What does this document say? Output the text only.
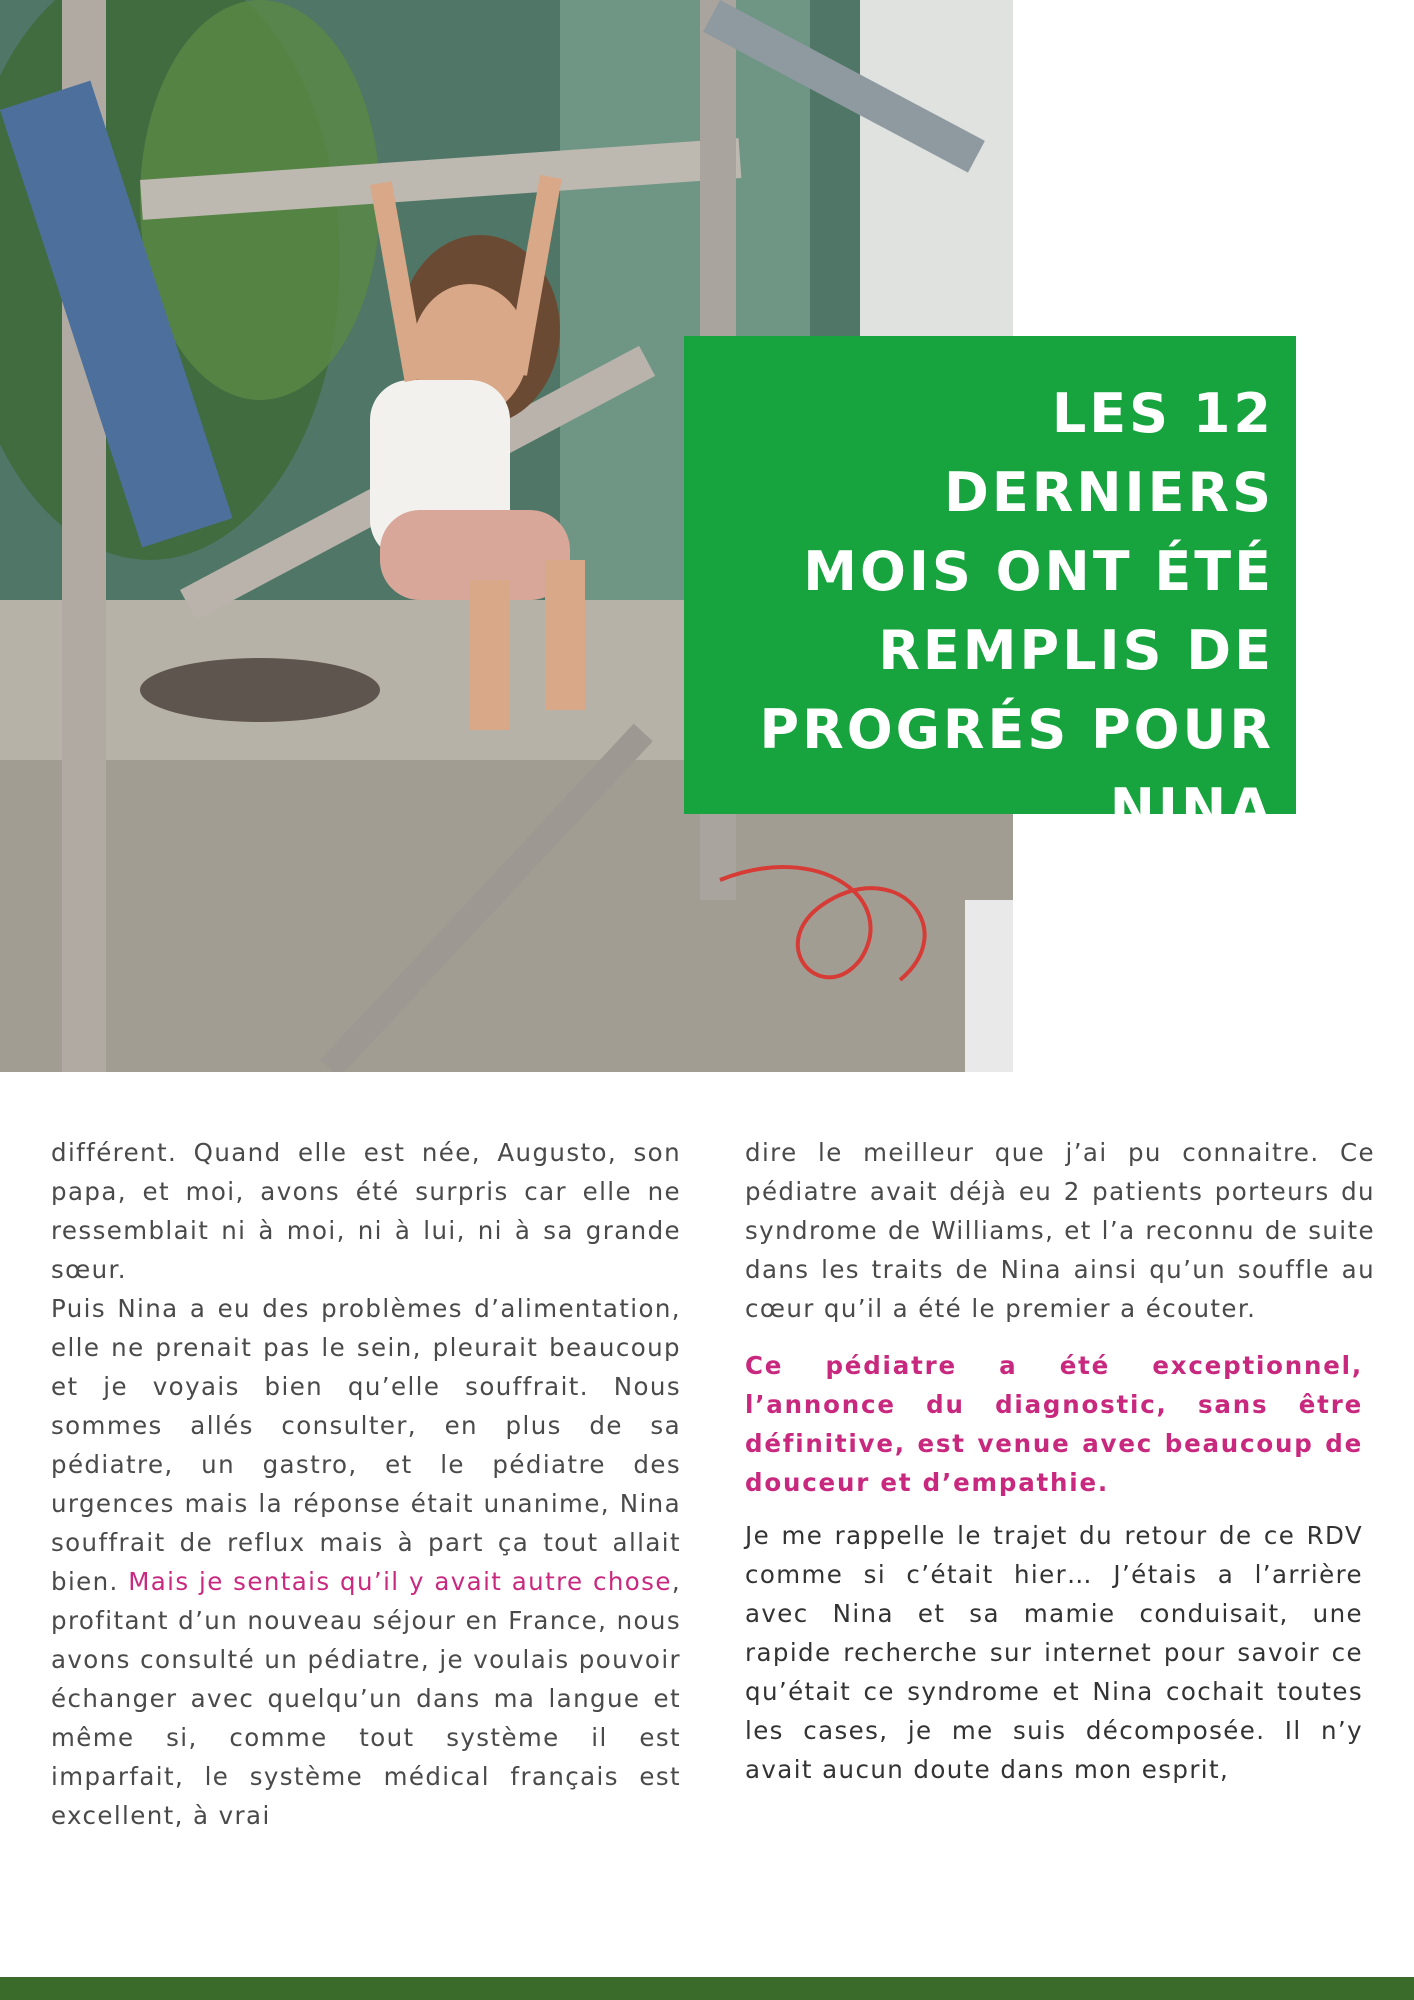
LES 12 DERNIERS
MOIS ONT ÉTÉ
REMPLIS DE
PROGRÉS POUR
NINA

différent. Quand elle est née, Augusto, son papa, et moi, avons été surpris car elle ne ressemblait ni à moi, ni à lui, ni à sa grande sœur.

Puis Nina a eu des problèmes d’alimentation, elle ne prenait pas le sein, pleurait beaucoup et je voyais bien qu’elle souffrait. Nous sommes allés consulter, en plus de sa pédiatre, un gastro, et le pédiatre des urgences mais la réponse était unanime, Nina souffrait de reflux mais à part ça tout allait bien. Mais je sentais qu’il y avait autre chose, profitant d’un nouveau séjour en France, nous avons consulté un pédiatre, je voulais pouvoir échanger avec quelqu’un dans ma langue et même si, comme tout système il est imparfait, le système médical français est excellent, à vrai

dire le meilleur que j’ai pu connaitre. Ce pédiatre avait déjà eu 2 patients porteurs du syndrome de Williams, et l’a reconnu de suite dans les traits de Nina ainsi qu’un souffle au cœur qu’il a été le premier a écouter.

Ce pédiatre a été exceptionnel, l’annonce du diagnostic, sans être définitive, est venue avec beaucoup de douceur et d’empathie.

Je me rappelle le trajet du retour de ce RDV comme si c’était hier… J’étais a l’arrière avec Nina et sa mamie conduisait, une rapide recherche sur internet pour savoir ce qu’était ce syndrome et Nina cochait toutes les cases, je me suis décomposée. Il n’y avait aucun doute dans mon esprit,
